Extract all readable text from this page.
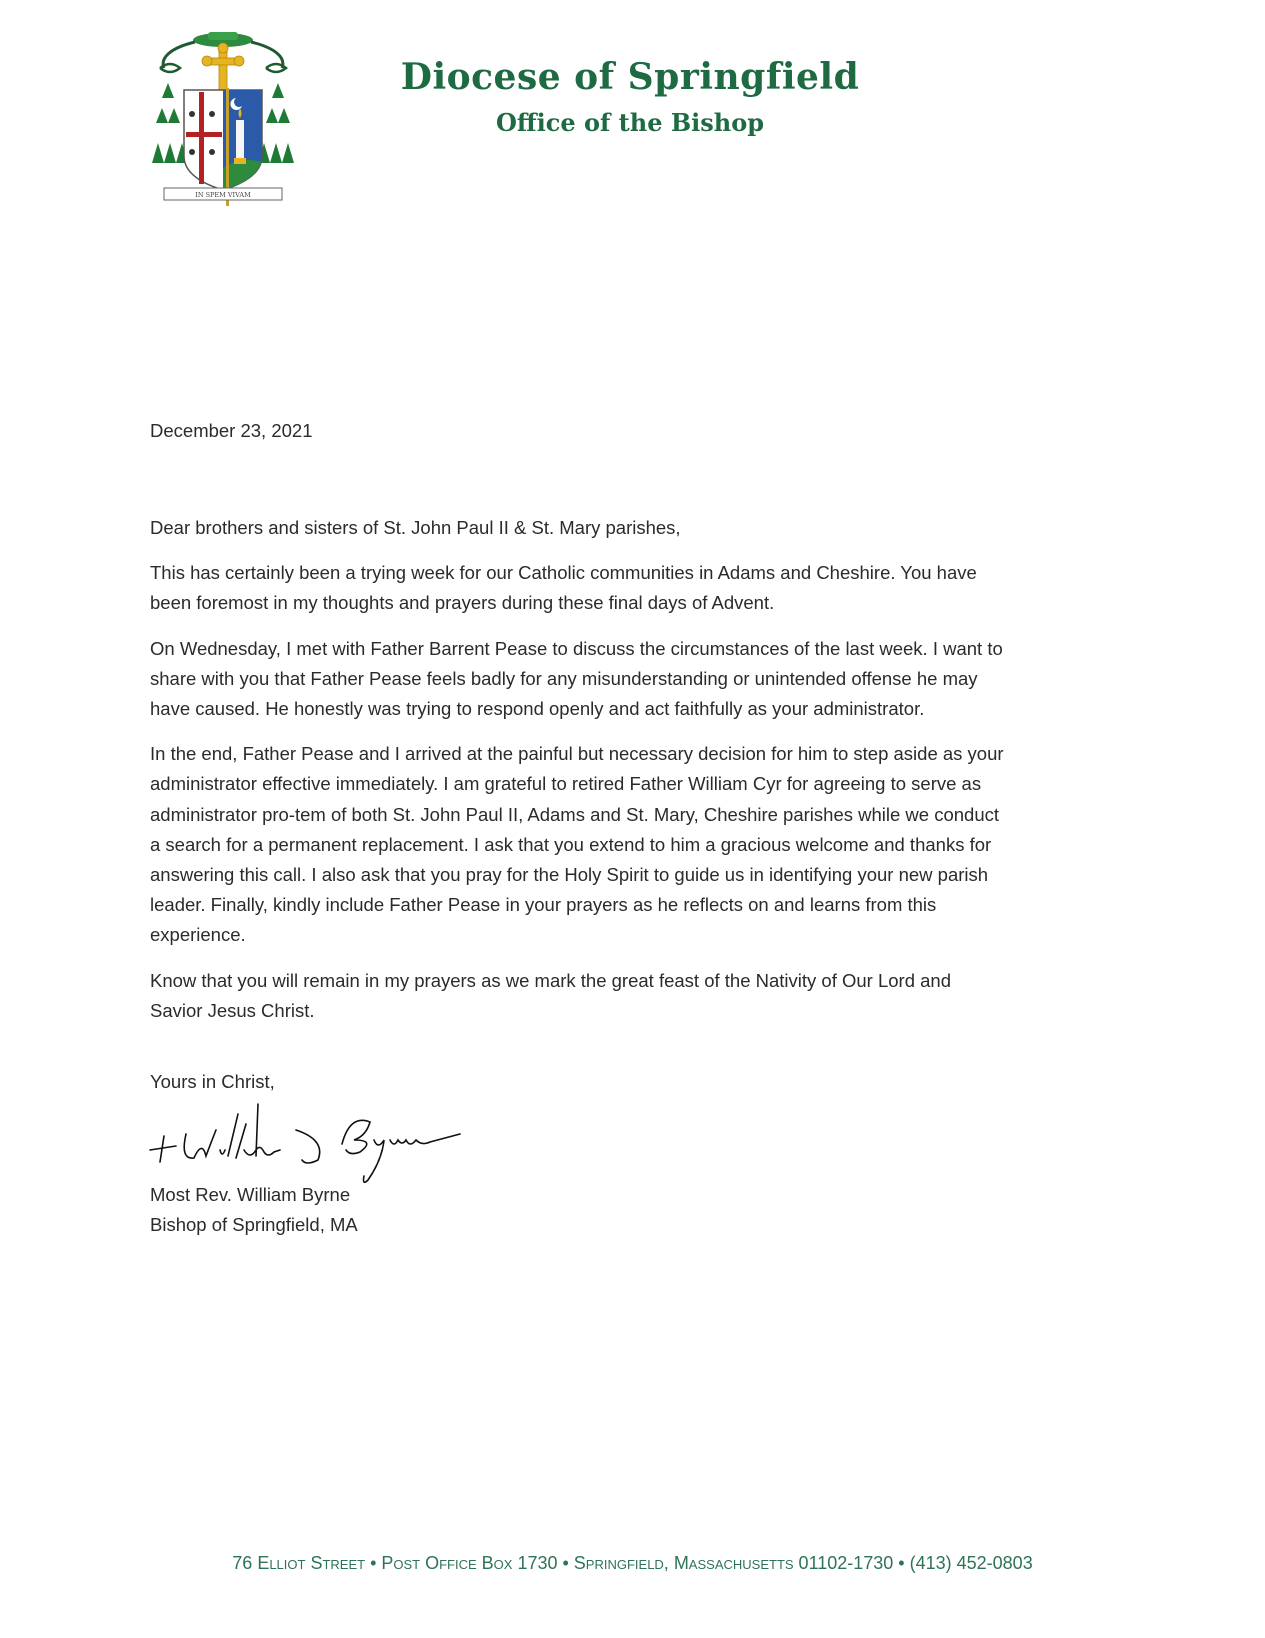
IN SPEM VIVAM
Diocese of Springfield
Office of the Bishop
December 23, 2021

Dear brothers and sisters of St. John Paul II & St. Mary parishes,

This has certainly been a trying week for our Catholic communities in Adams and Cheshire. You have
been foremost in my thoughts and prayers during these final days of Advent.

On Wednesday, I met with Father Barrent Pease to discuss the circumstances of the last week. I want to
share with you that Father Pease feels badly for any misunderstanding or unintended offense he may
have caused. He honestly was trying to respond openly and act faithfully as your administrator.

In the end, Father Pease and I arrived at the painful but necessary decision for him to step aside as your
administrator effective immediately. I am grateful to retired Father William Cyr for agreeing to serve as
administrator pro-tem of both St. John Paul II, Adams and St. Mary, Cheshire parishes while we conduct
a search for a permanent replacement. I ask that you extend to him a gracious welcome and thanks for
answering this call. I also ask that you pray for the Holy Spirit to guide us in identifying your new parish
leader. Finally, kindly include Father Pease in your prayers as he reflects on and learns from this
experience.

Know that you will remain in my prayers as we mark the great feast of the Nativity of Our Lord and
Savior Jesus Christ.

Yours in Christ,
Most Rev. William Byrne
Bishop of Springfield, MA
76 Elliot Street • Post Office Box 1730 • Springfield, Massachusetts 01102-1730 • (413) 452-0803
